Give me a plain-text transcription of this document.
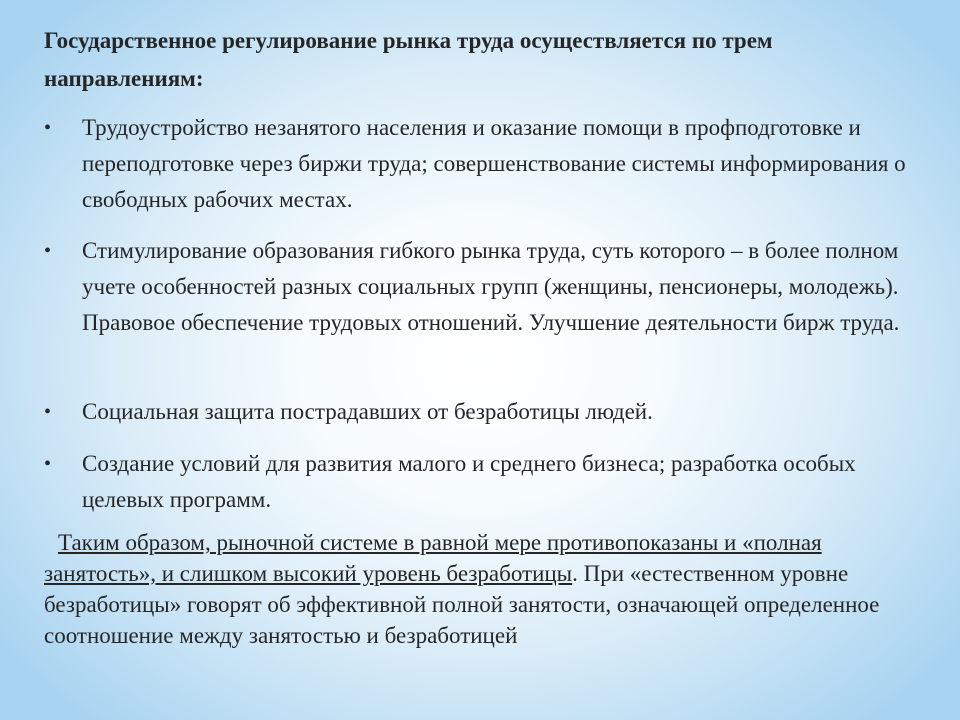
Государственное регулирование рынка труда осуществляется по трем направлениям:

•	Трудоустройство незанятого населения и оказание помощи в профподготовке и переподготовке через биржи труда; совершенствование системы информирования о свободных рабочих местах.
•	Стимулирование образования гибкого рынка труда, суть которого – в более полном учете особенностей разных социальных групп (женщины, пенсионеры, молодежь). Правовое обеспечение трудовых отношений. Улучшение деятельности бирж труда.
•	Социальная защита пострадавших от безработицы людей.
•	Создание условий для развития малого и среднего бизнеса; разработка особых целевых программ.

Таким образом, рыночной системе в равной мере противопоказаны и «полная занятость», и слишком высокий уровень безработицы. При «естественном уровне безработицы» говорят об эффективной полной занятости, означающей определенное соотношение между занятостью и безработицей
